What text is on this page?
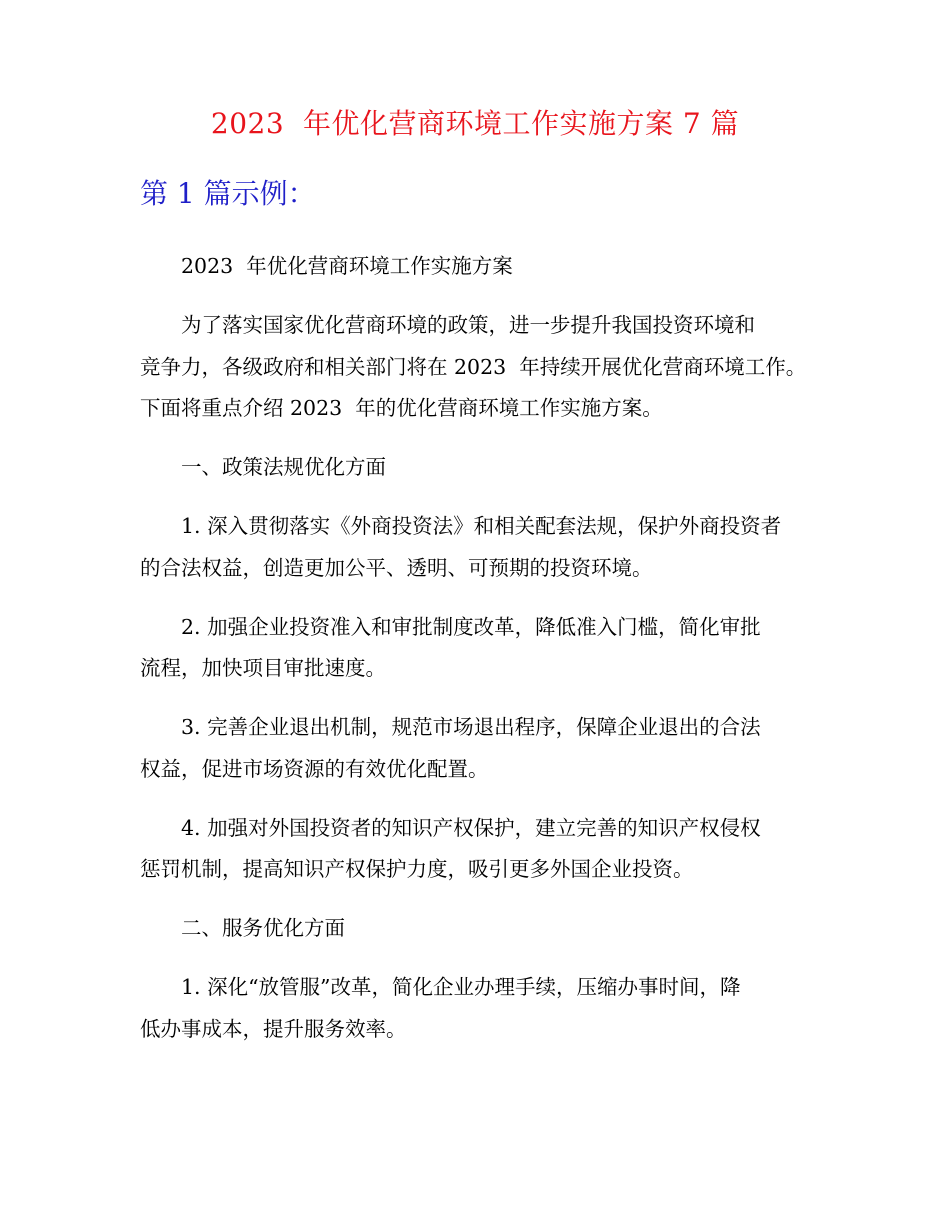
2023  年优化营商环境工作实施方案 7 篇
第 1 篇示例：
2023  年优化营商环境工作实施方案
为了落实国家优化营商环境的政策，进一步提升我国投资环境和
竞争力，各级政府和相关部门将在 2023  年持续开展优化营商环境工作。
下面将重点介绍 2023  年的优化营商环境工作实施方案。
一、政策法规优化方面
1. 深入贯彻落实《外商投资法》和相关配套法规，保护外商投资者
的合法权益，创造更加公平、透明、可预期的投资环境。
2. 加强企业投资准入和审批制度改革，降低准入门槛，简化审批
流程，加快项目审批速度。
3. 完善企业退出机制，规范市场退出程序，保障企业退出的合法
权益，促进市场资源的有效优化配置。
4. 加强对外国投资者的知识产权保护，建立完善的知识产权侵权
惩罚机制，提高知识产权保护力度，吸引更多外国企业投资。
二、服务优化方面
1. 深化“放管服”改革，简化企业办理手续，压缩办事时间，降
低办事成本，提升服务效率。
